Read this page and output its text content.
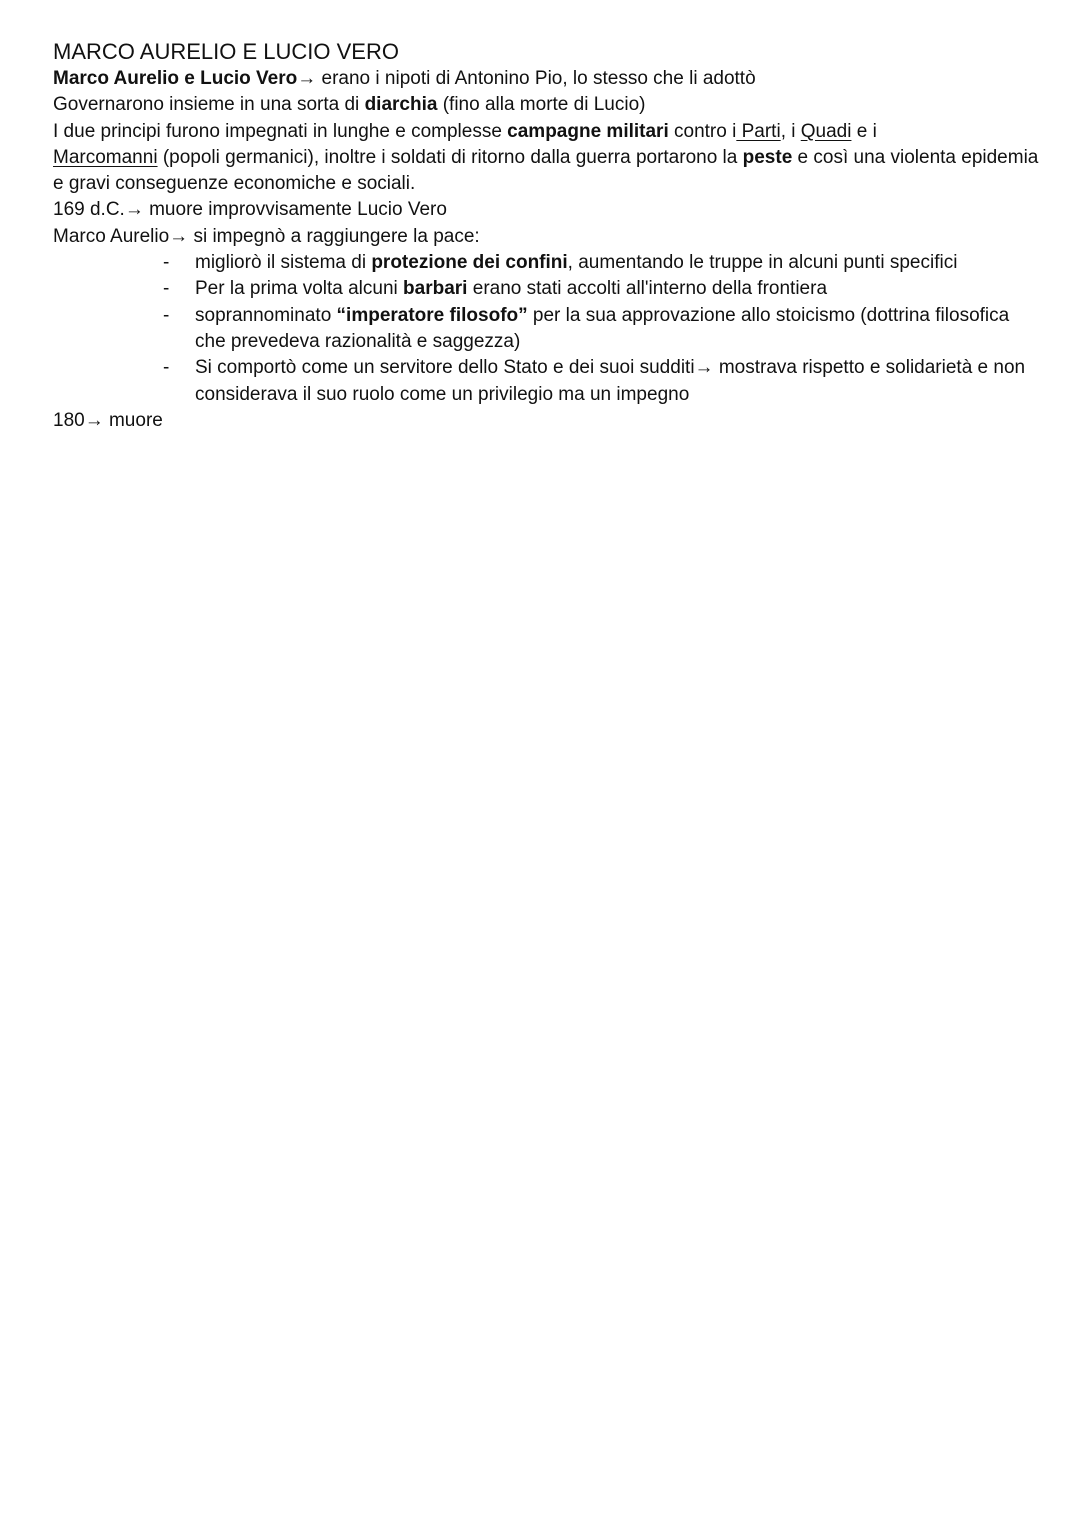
MARCO AURELIO E LUCIO VERO

Marco Aurelio e Lucio Vero→ erano i nipoti di Antonino Pio, lo stesso che li adottò

Governarono insieme in una sorta di diarchia (fino alla morte di Lucio)

I due principi furono impegnati in lunghe e complesse campagne militari contro i Parti, i Quadi e i
Marcomanni (popoli germanici), inoltre i soldati di ritorno dalla guerra portarono la peste e così una violenta epidemia e gravi conseguenze economiche e sociali.

169 d.C.→ muore improvvisamente Lucio Vero

Marco Aurelio→ si impegnò a raggiungere la pace:

- migliorò il sistema di protezione dei confini, aumentando le truppe in alcuni punti specifici
- Per la prima volta alcuni barbari erano stati accolti all'interno della frontiera
- soprannominato “imperatore filosofo” per la sua approvazione allo stoicismo (dottrina filosofica che prevedeva razionalità e saggezza)
- Si comportò come un servitore dello Stato e dei suoi sudditi→ mostrava rispetto e solidarietà e non considerava il suo ruolo come un privilegio ma un impegno

180→ muore
